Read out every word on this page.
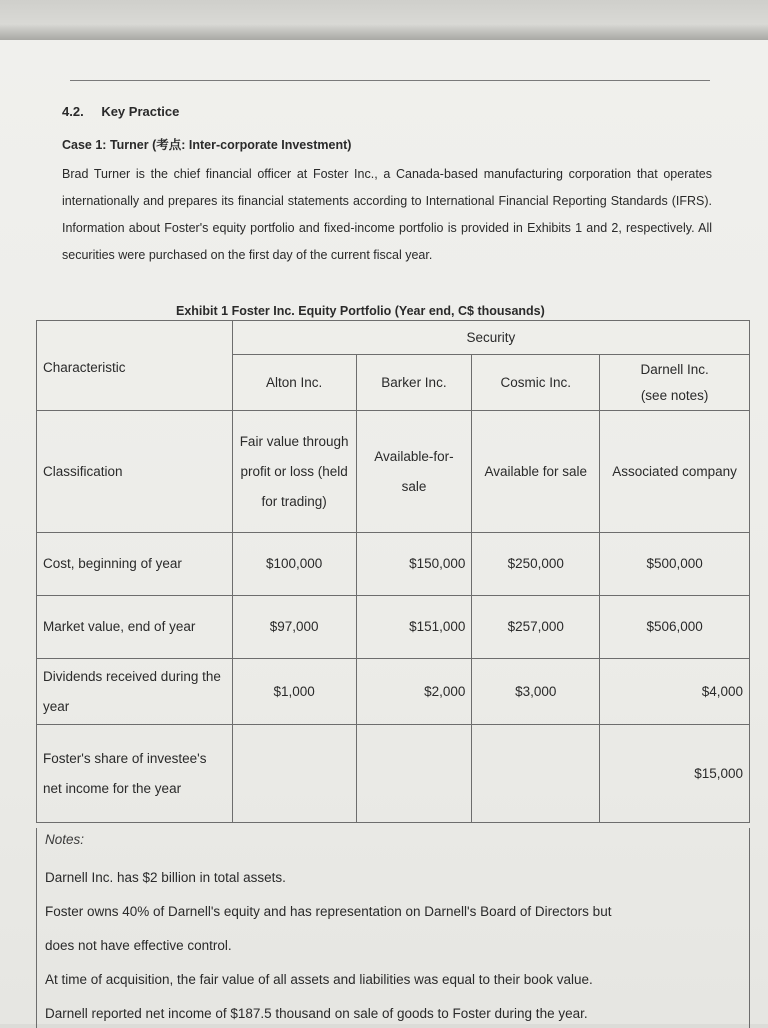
4.2. Key Practice
Case 1: Turner (考点: Inter-corporate Investment)
Brad Turner is the chief financial officer at Foster Inc., a Canada-based manufacturing corporation that operates internationally and prepares its financial statements according to International Financial Reporting Standards (IFRS). Information about Foster's equity portfolio and fixed-income portfolio is provided in Exhibits 1 and 2, respectively. All securities were purchased on the first day of the current fiscal year.
Exhibit 1 Foster Inc. Equity Portfolio (Year end, C$ thousands)
Characteristic	Security			
	Alton Inc.	Barker Inc.	Cosmic Inc.	Darnell Inc.
(see notes)

Classification	Fair value through profit or loss (held for trading)	Available-for-sale	Available for sale	Associated company
Cost, beginning of year	$100,000	$150,000	$250,000	$500,000
Market value, end of year	$97,000	$151,000	$257,000	$506,000
Dividends received during the year	$1,000	$2,000	$3,000	$4,000
Foster's share of investee's net income for the year				$15,000
Notes:
Darnell Inc. has $2 billion in total assets.
Foster owns 40% of Darnell's equity and has representation on Darnell's Board of Directors but
does not have effective control.
At time of acquisition, the fair value of all assets and liabilities was equal to their book value.
Darnell reported net income of $187.5 thousand on sale of goods to Foster during the year.
